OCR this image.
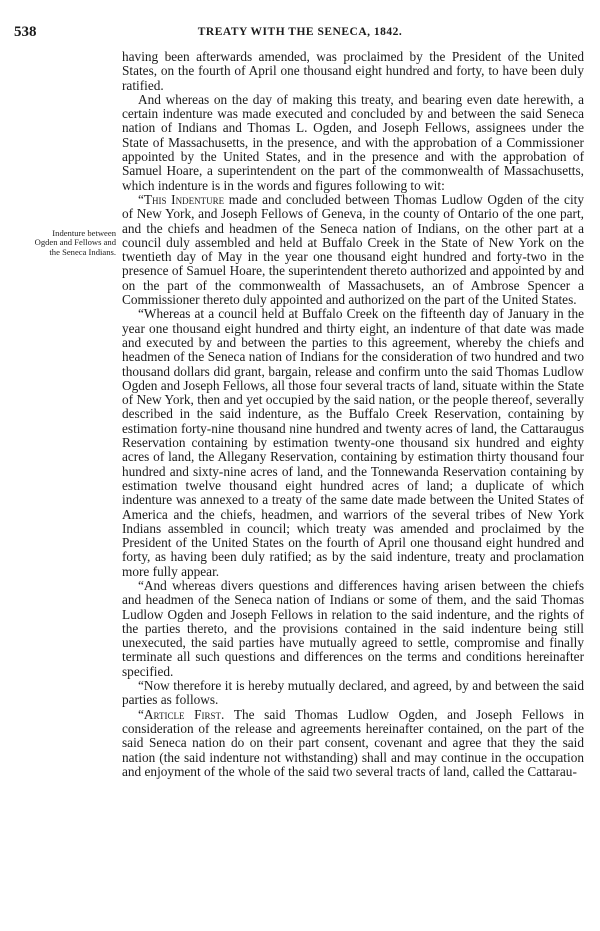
538	TREATY WITH THE SENECA, 1842.
Indenture between Ogden and Fellows and the Seneca Indians.

having been afterwards amended, was proclaimed by the President of the United States, on the fourth of April one thousand eight hundred and forty, to have been duly ratified.

And whereas on the day of making this treaty, and bearing even date herewith, a certain indenture was made executed and concluded by and between the said Seneca nation of Indians and Thomas L. Ogden, and Joseph Fellows, assignees under the State of Massachusetts, in the presence, and with the approbation of a Commissioner appointed by the United States, and in the presence and with the approbation of Samuel Hoare, a superintendent on the part of the commonwealth of Massachusetts, which indenture is in the words and figures following to wit:

“This Indenture made and concluded between Thomas Ludlow Ogden of the city of New York, and Joseph Fellows of Geneva, in the county of Ontario of the one part, and the chiefs and headmen of the Seneca nation of Indians, on the other part at a council duly assembled and held at Buffalo Creek in the State of New York on the twentieth day of May in the year one thousand eight hundred and forty-two in the presence of Samuel Hoare, the superintendent thereto authorized and appointed by and on the part of the commonwealth of Massachusets, an of Ambrose Spencer a Commissioner thereto duly appointed and authorized on the part of the United States.

“Whereas at a council held at Buffalo Creek on the fifteenth day of January in the year one thousand eight hundred and thirty eight, an indenture of that date was made and executed by and between the parties to this agreement, whereby the chiefs and headmen of the Seneca nation of Indians for the consideration of two hundred and two thousand dollars did grant, bargain, release and confirm unto the said Thomas Ludlow Ogden and Joseph Fellows, all those four several tracts of land, situate within the State of New York, then and yet occupied by the said nation, or the people thereof, severally described in the said indenture, as the Buffalo Creek Reservation, containing by estimation forty-nine thousand nine hundred and twenty acres of land, the Cattaraugus Reservation containing by estimation twenty-one thousand six hundred and eighty acres of land, the Allegany Reservation, containing by estimation thirty thousand four hundred and sixty-nine acres of land, and the Tonnewanda Reservation containing by estimation twelve thousand eight hundred acres of land; a duplicate of which indenture was annexed to a treaty of the same date made between the United States of America and the chiefs, headmen, and warriors of the several tribes of New York Indians assembled in council; which treaty was amended and proclaimed by the President of the United States on the fourth of April one thousand eight hundred and forty, as having been duly ratified; as by the said indenture, treaty and proclamation more fully appear.

“And whereas divers questions and differences having arisen between the chiefs and headmen of the Seneca nation of Indians or some of them, and the said Thomas Ludlow Ogden and Joseph Fellows in relation to the said indenture, and the rights of the parties thereto, and the provisions contained in the said indenture being still unexecuted, the said parties have mutually agreed to settle, compromise and finally terminate all such questions and differences on the terms and conditions hereinafter specified.

“Now therefore it is hereby mutually declared, and agreed, by and between the said parties as follows.

“Article First. The said Thomas Ludlow Ogden, and Joseph Fellows in consideration of the release and agreements hereinafter contained, on the part of the said Seneca nation do on their part consent, covenant and agree that they the said nation (the said indenture not withstanding) shall and may continue in the occupation and enjoyment of the whole of the said two several tracts of land, called the Cattarau-
